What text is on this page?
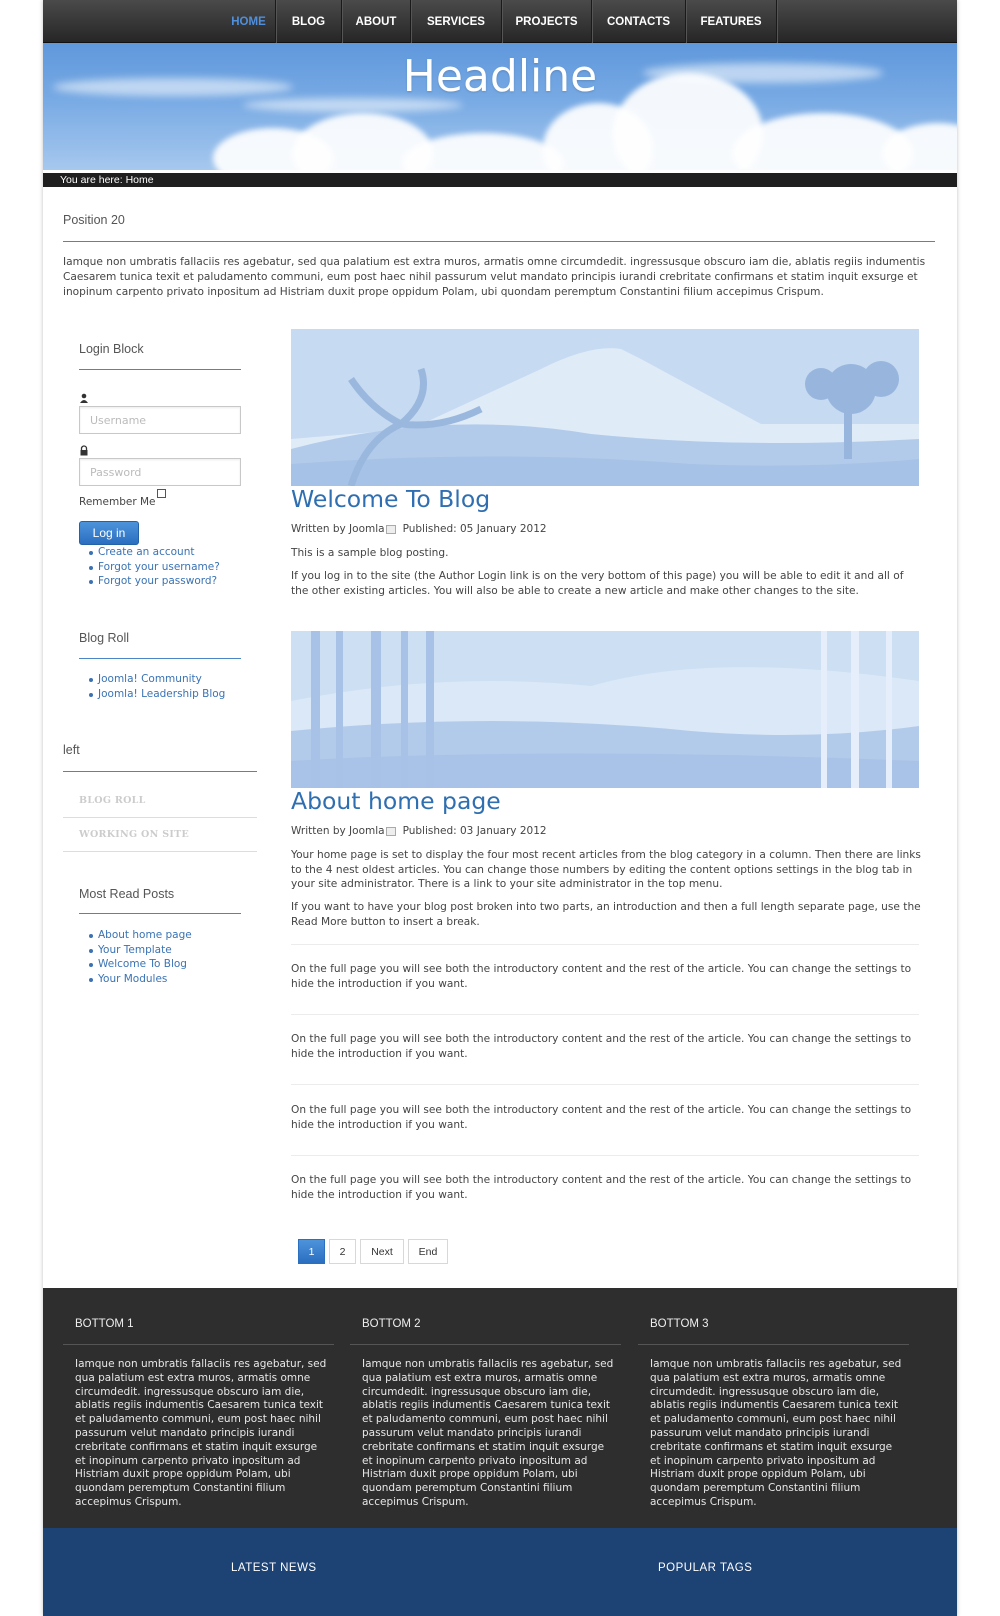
HOME	BLOG	ABOUT	SERVICES	PROJECTS	CONTACTS	FEATURES
Headline
You are here: Home
Position 20
Iamque non umbratis fallaciis res agebatur, sed qua palatium est extra muros, armatis omne circumdedit. ingressusque obscuro iam die, ablatis regiis indumentis Caesarem tunica texit et paludamento communi, eum post haec nihil passurum velut mandato principis iurandi crebritate confirmans et statim inquit exsurge et inopinum carpento privato inpositum ad Histriam duxit prope oppidum Polam, ubi quondam peremptum Constantini filium accepimus Crispum.
Login Block
Username
Password
Remember Me
Log in
Create an account
Forgot your username?
Forgot your password?
Blog Roll
Joomla! Community
Joomla! Leadership Blog
left
BLOG ROLL
WORKING ON SITE
Most Read Posts
About home page
Your Template
Welcome To Blog
Your Modules
Welcome To Blog
Written by Joomla Published: 05 January 2012
This is a sample blog posting.
If you log in to the site (the Author Login link is on the very bottom of this page) you will be able to edit it and all of the other existing articles. You will also be able to create a new article and make other changes to the site.
About home page
Written by Joomla Published: 03 January 2012
Your home page is set to display the four most recent articles from the blog category in a column. Then there are links to the 4 nest oldest articles. You can change those numbers by editing the content options settings in the blog tab in your site administrator. There is a link to your site administrator in the top menu.
If you want to have your blog post broken into two parts, an introduction and then a full length separate page, use the Read More button to insert a break.
On the full page you will see both the introductory content and the rest of the article. You can change the settings to hide the introduction if you want.
On the full page you will see both the introductory content and the rest of the article. You can change the settings to hide the introduction if you want.
On the full page you will see both the introductory content and the rest of the article. You can change the settings to hide the introduction if you want.
On the full page you will see both the introductory content and the rest of the article. You can change the settings to hide the introduction if you want.
1	2	Next	End
BOTTOM 1
Iamque non umbratis fallaciis res agebatur, sed qua palatium est extra muros, armatis omne circumdedit. ingressusque obscuro iam die, ablatis regiis indumentis Caesarem tunica texit et paludamento communi, eum post haec nihil passurum velut mandato principis iurandi crebritate confirmans et statim inquit exsurge et inopinum carpento privato inpositum ad Histriam duxit prope oppidum Polam, ubi quondam peremptum Constantini filium accepimus Crispum.
BOTTOM 2
Iamque non umbratis fallaciis res agebatur, sed qua palatium est extra muros, armatis omne circumdedit. ingressusque obscuro iam die, ablatis regiis indumentis Caesarem tunica texit et paludamento communi, eum post haec nihil passurum velut mandato principis iurandi crebritate confirmans et statim inquit exsurge et inopinum carpento privato inpositum ad Histriam duxit prope oppidum Polam, ubi quondam peremptum Constantini filium accepimus Crispum.
BOTTOM 3
Iamque non umbratis fallaciis res agebatur, sed qua palatium est extra muros, armatis omne circumdedit. ingressusque obscuro iam die, ablatis regiis indumentis Caesarem tunica texit et paludamento communi, eum post haec nihil passurum velut mandato principis iurandi crebritate confirmans et statim inquit exsurge et inopinum carpento privato inpositum ad Histriam duxit prope oppidum Polam, ubi quondam peremptum Constantini filium accepimus Crispum.
LATEST NEWS	POPULAR TAGS
